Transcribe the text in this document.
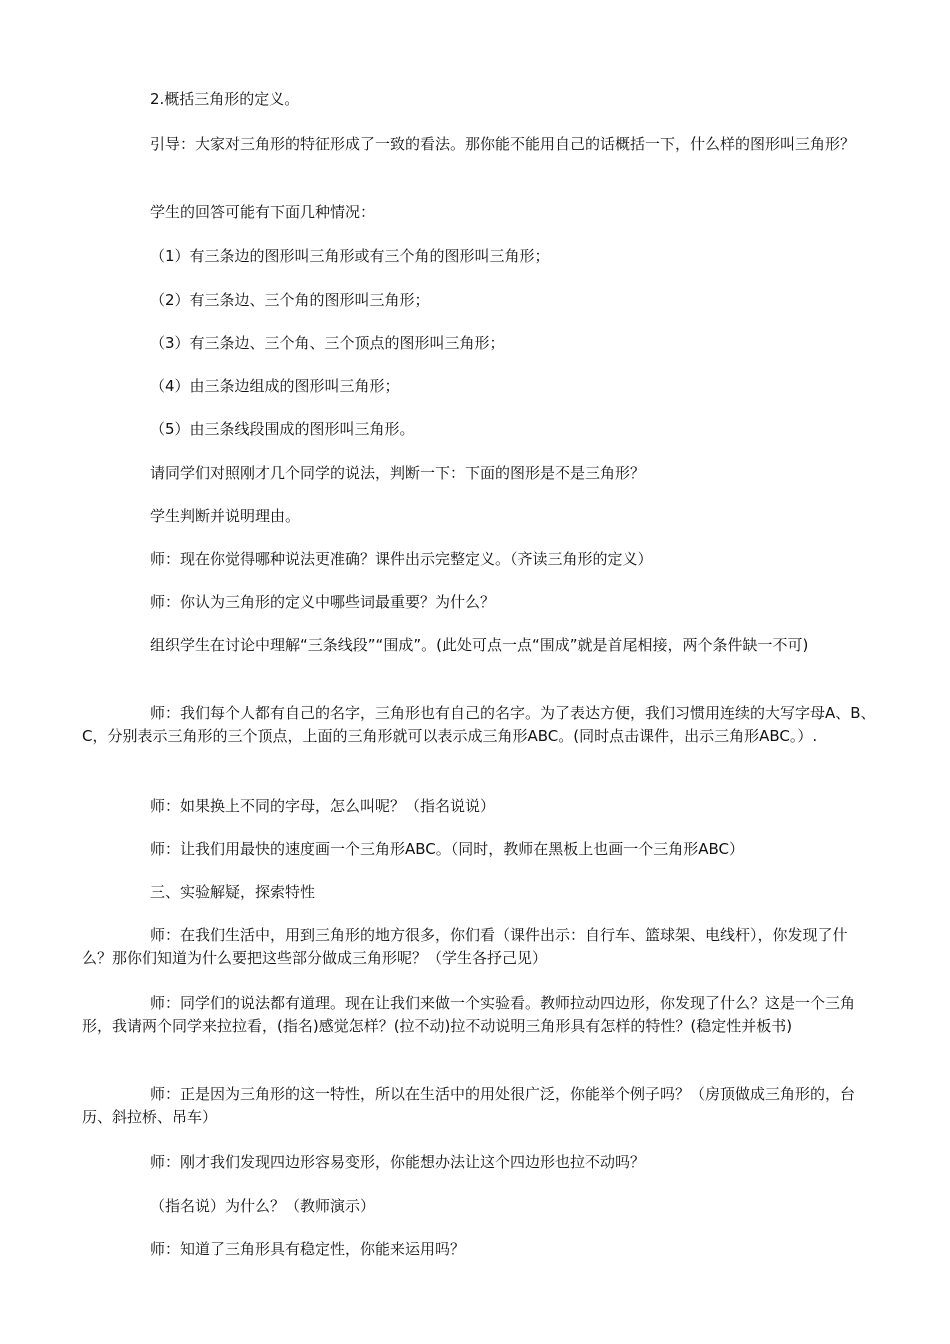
2.概括三角形的定义。

引导：大家对三角形的特征形成了一致的看法。那你能不能用自己的话概括一下，什么样的图形叫三角形？

学生的回答可能有下面几种情况：

（1）有三条边的图形叫三角形或有三个角的图形叫三角形；

（2）有三条边、三个角的图形叫三角形；

（3）有三条边、三个角、三个顶点的图形叫三角形；

（4）由三条边组成的图形叫三角形；

（5）由三条线段围成的图形叫三角形。

请同学们对照刚才几个同学的说法，判断一下：下面的图形是不是三角形？

学生判断并说明理由。

师：现在你觉得哪种说法更准确？课件出示完整定义。（齐读三角形的定义）

师：你认为三角形的定义中哪些词最重要？为什么？

组织学生在讨论中理解“三条线段”“围成”。(此处可点一点“围成”就是首尾相接，两个条件缺一不可)

师：我们每个人都有自己的名字，三角形也有自己的名字。为了表达方便，我们习惯用连续的大写字母A、B、C，分别表示三角形的三个顶点，上面的三角形就可以表示成三角形ABC。(同时点击课件，出示三角形ABC。）.

师：如果换上不同的字母，怎么叫呢？（指名说说）

师：让我们用最快的速度画一个三角形ABC。（同时，教师在黑板上也画一个三角形ABC）

三、实验解疑，探索特性

师：在我们生活中，用到三角形的地方很多，你们看（课件出示：自行车、篮球架、电线杆），你发现了什么？那你们知道为什么要把这些部分做成三角形呢？（学生各抒己见）

师：同学们的说法都有道理。现在让我们来做一个实验看。教师拉动四边形，你发现了什么？这是一个三角形，我请两个同学来拉拉看，(指名)感觉怎样？(拉不动)拉不动说明三角形具有怎样的特性？(稳定性并板书)

师：正是因为三角形的这一特性，所以在生活中的用处很广泛，你能举个例子吗？（房顶做成三角形的，台历、斜拉桥、吊车）

师：刚才我们发现四边形容易变形，你能想办法让这个四边形也拉不动吗？

（指名说）为什么？（教师演示）

师：知道了三角形具有稳定性，你能来运用吗？
